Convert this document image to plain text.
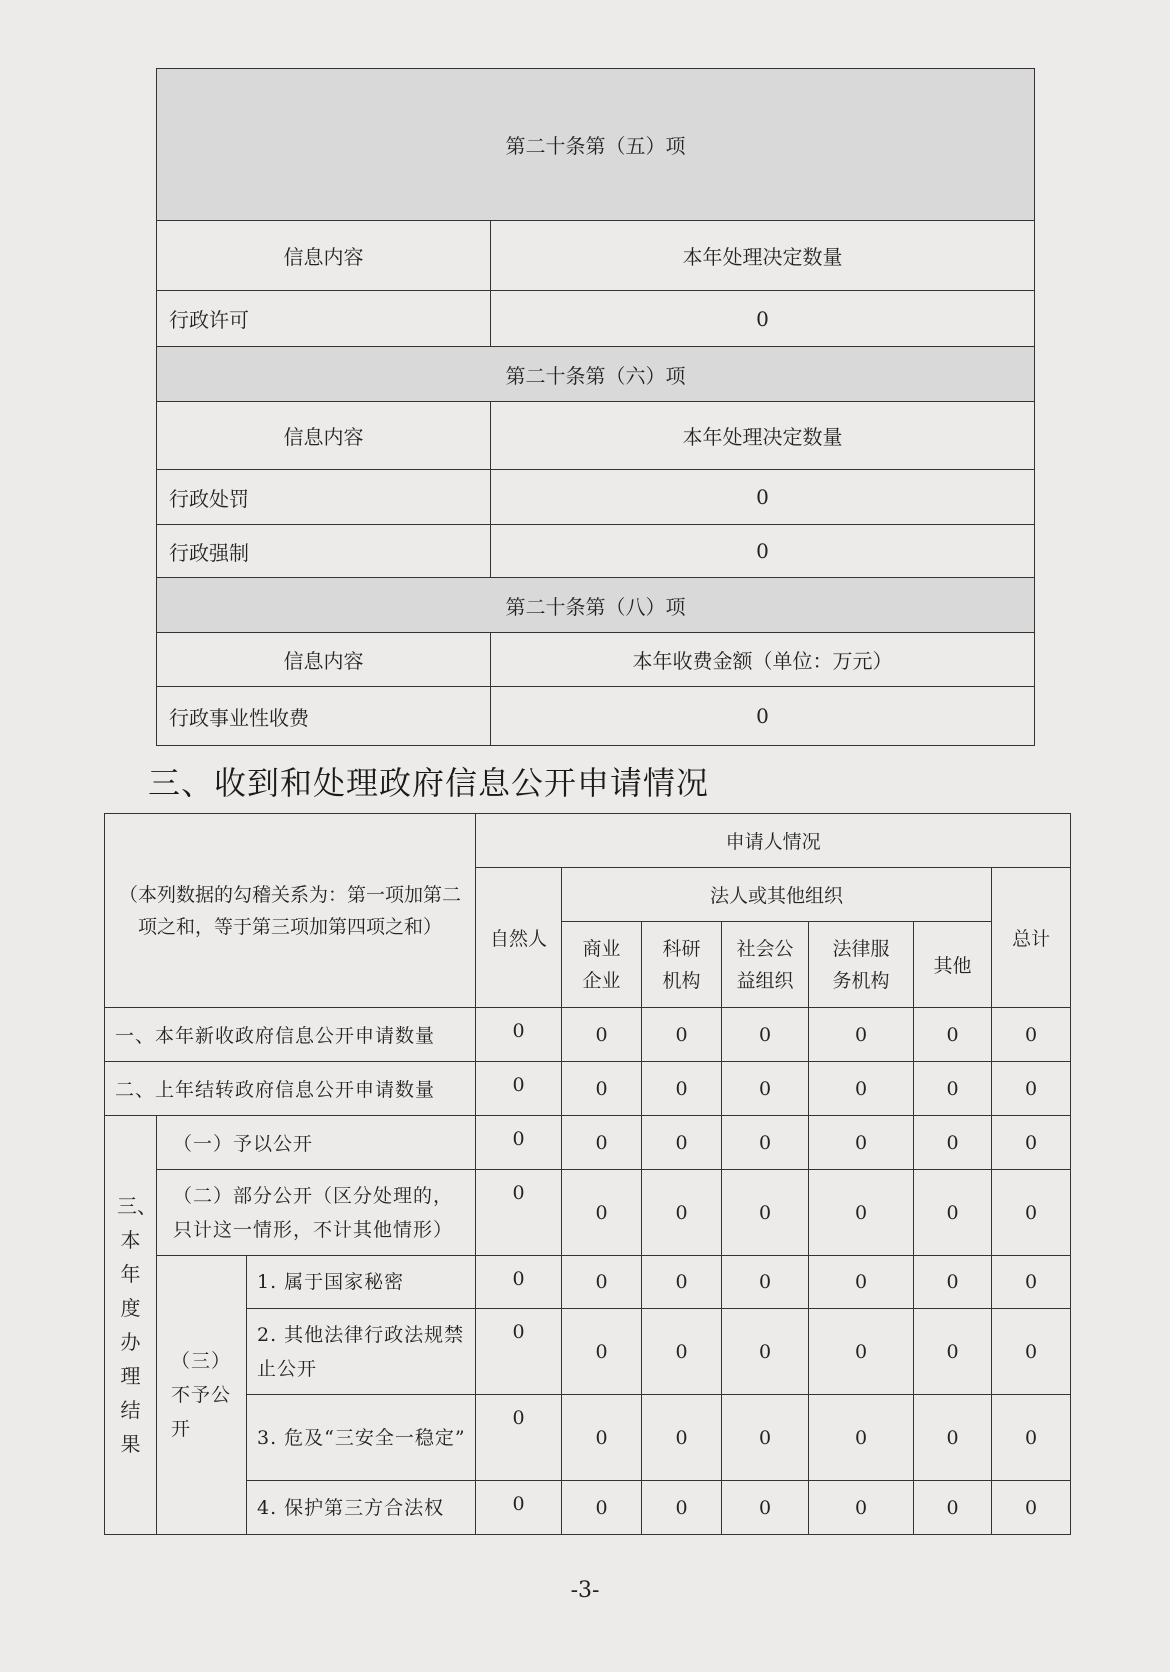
第二十条第（五）项	
信息内容	本年处理决定数量
行政许可	0
第二十条第（六）项	
信息内容	本年处理决定数量
行政处罚	0
行政强制	0
第二十条第（八）项	
信息内容	本年收费金额（单位：万元）
行政事业性收费	0
三、收到和处理政府信息公开申请情况
（本列数据的勾稽关系为：第一项加第二项之和，等于第三项加第四项之和）			申请人情况						
			自然人	法人或其他组织					总计
				商业企业	科研机构	社会公益组织	法律服务机构	其他	
一、本年新收政府信息公开申请数量			0	0	0	0	0	0	0
二、上年结转政府信息公开申请数量			0	0	0	0	0	0	0
三、本年度办理结果	（一）予以公开		0	0	0	0	0	0	0
	（二）部分公开（区分处理的，只计这一情形，不计其他情形）		0	0	0	0	0	0	0
	（三）不予公开	1. 属于国家秘密	0	0	0	0	0	0	0
		2. 其他法律行政法规禁止公开	0	0	0	0	0	0	0
		3. 危及“三安全一稳定”	0	0	0	0	0	0	0
		4. 保护第三方合法权	0	0	0	0	0	0	0
-3-
